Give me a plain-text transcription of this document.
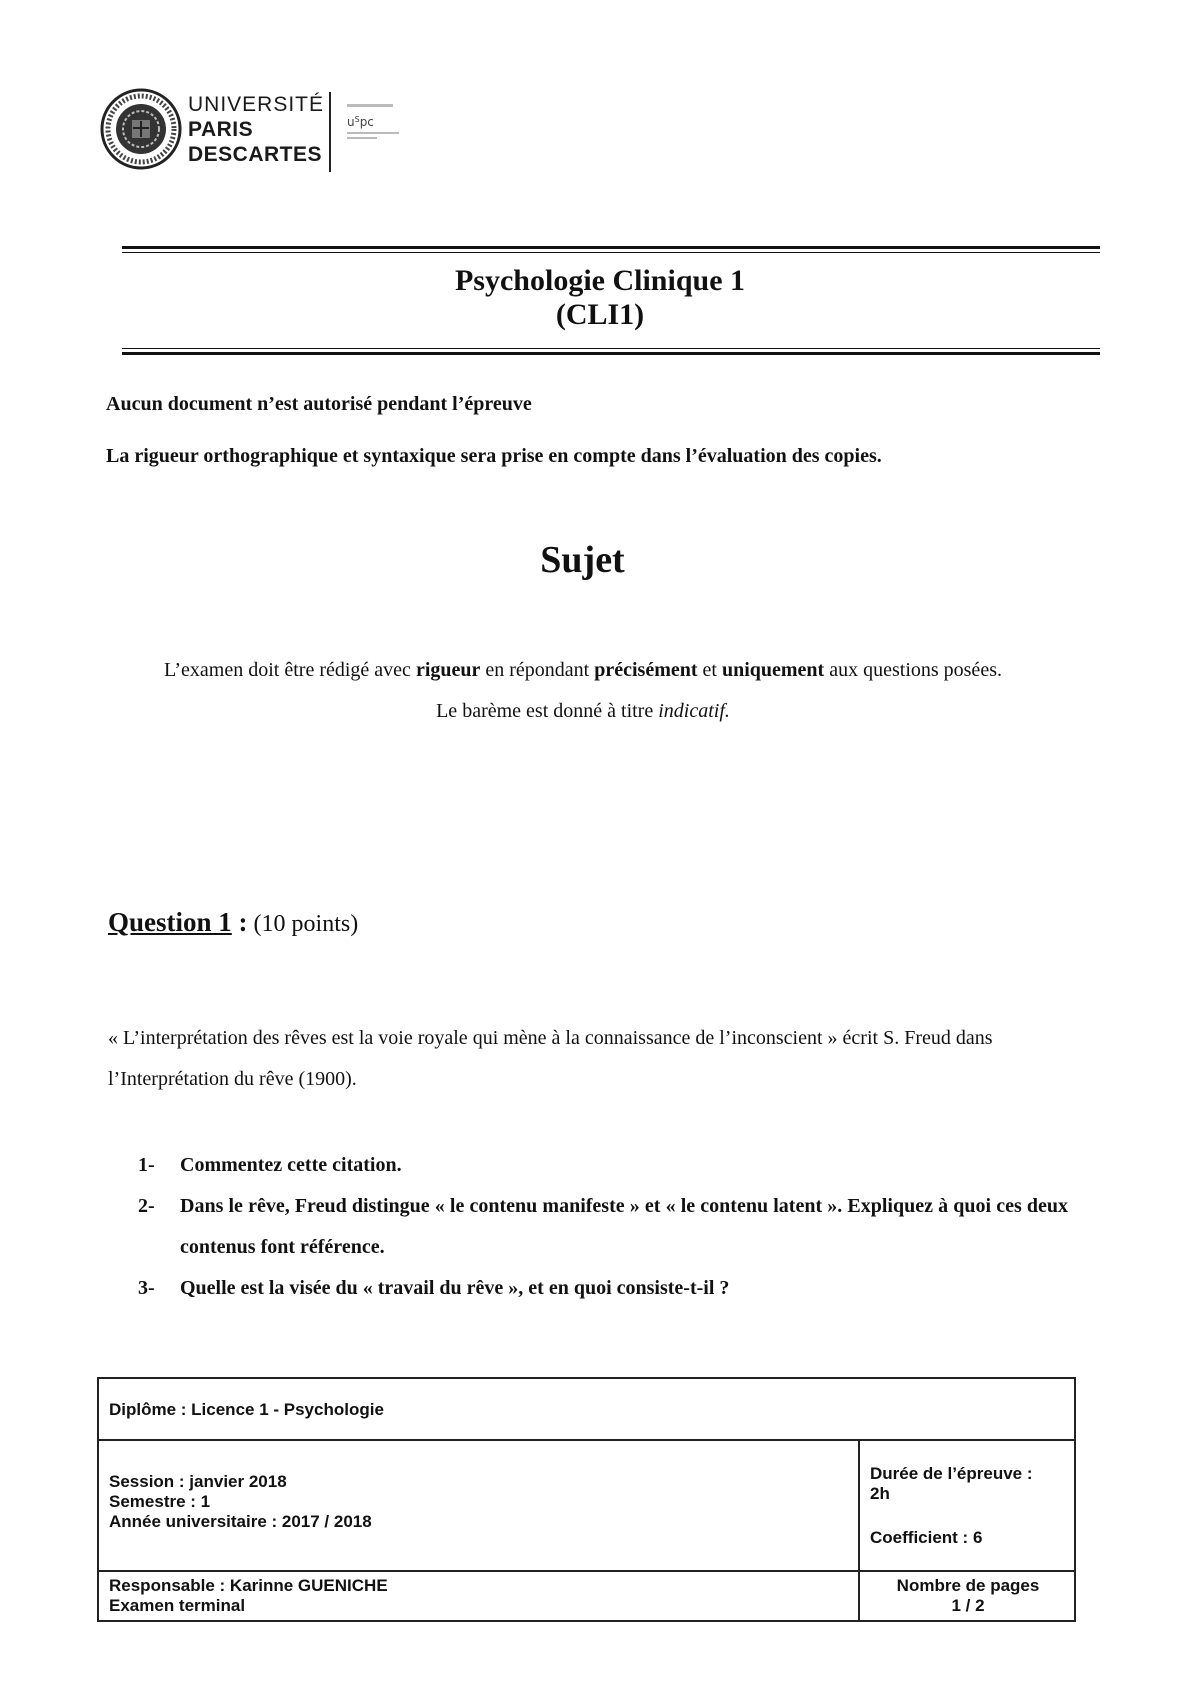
UNIVERSITÉ
PARIS
DESCARTES
$u^Spc$
Psychologie Clinique 1
(CLI1)
Aucun document n’est autorisé pendant l’épreuve
La rigueur orthographique et syntaxique sera prise en compte dans l’évaluation des copies.
Sujet
L’examen doit être rédigé avec rigueur en répondant précisément et uniquement aux questions posées.
Le barème est donné à titre indicatif.
Question 1 : (10 points)
« L’interprétation des rêves est la voie royale qui mène à la connaissance de l’inconscient » écrit S. Freud dans l’Interprétation du rêve (1900).
1- Commentez cette citation.
2- Dans le rêve, Freud distingue « le contenu manifeste » et « le contenu latent ». Expliquez à quoi ces deux contenus font référence.
3- Quelle est la visée du « travail du rêve », et en quoi consiste-t-il ?
Diplôme : Licence 1 - Psychologie
Session : janvier 2018
Semestre : 1
Année universitaire : 2017 / 2018
Durée de l’épreuve :
2h
Coefficient : 6
Responsable : Karinne GUENICHE
Examen terminal
Nombre de pages
1 / 2
